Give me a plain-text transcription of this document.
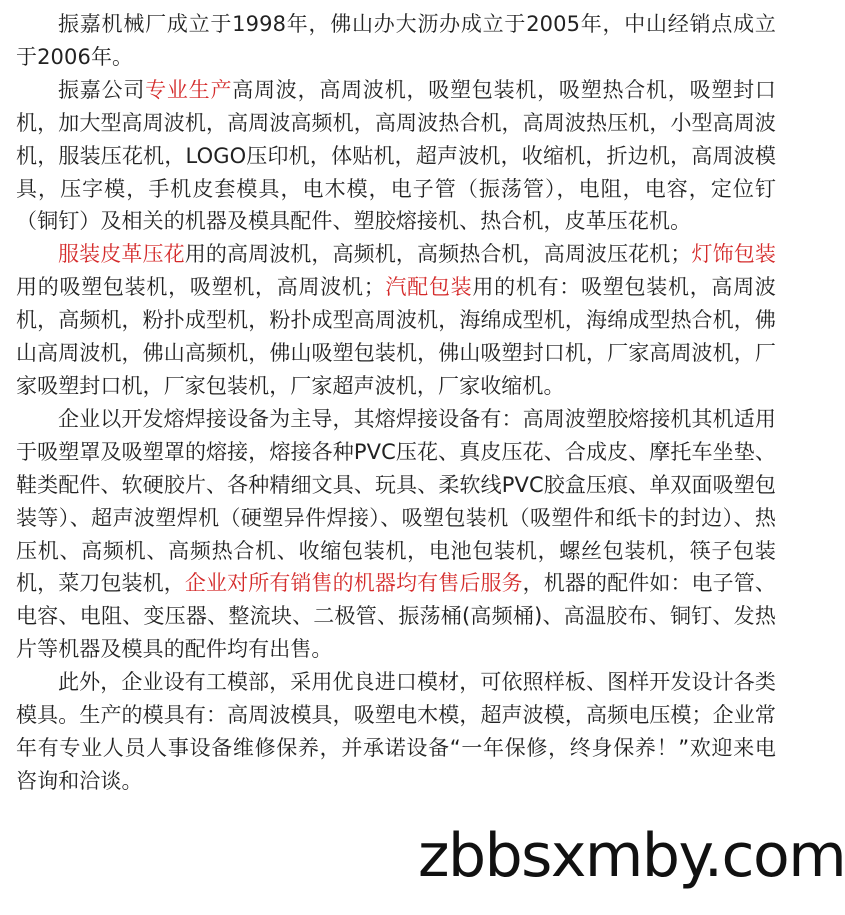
振嘉机械厂成立于1998年，佛山办大沥办成立于2005年，中山经销点成立于2006年。

振嘉公司专业生产高周波，高周波机，吸塑包装机，吸塑热合机，吸塑封口机，加大型高周波机，高周波高频机，高周波热合机，高周波热压机，小型高周波机，服装压花机，LOGO压印机，体贴机，超声波机，收缩机，折边机，高周波模具，压字模，手机皮套模具，电木模，电子管（振荡管），电阻，电容，定位钉（铜钉）及相关的机器及模具配件、塑胶熔接机、热合机，皮革压花机。

服装皮革压花用的高周波机，高频机，高频热合机，高周波压花机；灯饰包装用的吸塑包装机，吸塑机，高周波机；汽配包装用的机有：吸塑包装机，高周波机，高频机，粉扑成型机，粉扑成型高周波机，海绵成型机，海绵成型热合机，佛山高周波机，佛山高频机，佛山吸塑包装机，佛山吸塑封口机，厂家高周波机，厂家吸塑封口机，厂家包装机，厂家超声波机，厂家收缩机。

企业以开发熔焊接设备为主导，其熔焊接设备有：高周波塑胶熔接机其机适用于吸塑罩及吸塑罩的熔接，熔接各种PVC压花、真皮压花、合成皮、摩托车坐垫、鞋类配件、软硬胶片、各种精细文具、玩具、柔软线PVC胶盒压痕、单双面吸塑包装等）、超声波塑焊机（硬塑异件焊接）、吸塑包装机（吸塑件和纸卡的封边）、热压机、高频机、高频热合机、收缩包装机，电池包装机，螺丝包装机，筷子包装机，菜刀包装机，企业对所有销售的机器均有售后服务，机器的配件如：电子管、电容、电阻、变压器、整流块、二极管、振荡桶(高频桶)、高温胶布、铜钉、发热片等机器及模具的配件均有出售。

此外，企业设有工模部，采用优良进口模材，可依照样板、图样开发设计各类模具。生产的模具有：高周波模具，吸塑电木模，超声波模，高频电压模；企业常年有专业人员人事设备维修保养，并承诺设备“一年保修，终身保养！”欢迎来电咨询和洽谈。

zbbsxmby.com
